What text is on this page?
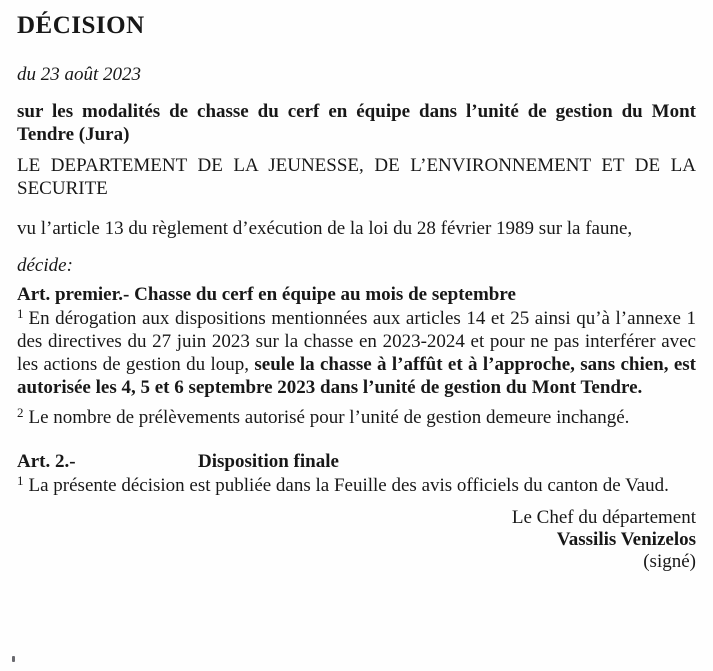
DÉCISION
du 23 août 2023
sur les modalités de chasse du cerf en équipe dans l’unité de gestion du Mont Tendre (Jura)
LE DEPARTEMENT DE LA JEUNESSE, DE L’ENVIRONNEMENT ET DE LA SECURITE
vu l’article 13 du règlement d’exécution de la loi du 28 février 1989 sur la faune,
décide:
Art. premier.- Chasse du cerf en équipe au mois de septembre
$^1$ En dérogation aux dispositions mentionnées aux articles 14 et 25 ainsi qu’à l’annexe 1 des directives du 27 juin 2023 sur la chasse en 2023-2024 et pour ne pas interférer avec les actions de gestion du loup, seule la chasse à l’affût et à l’approche, sans chien, est autorisée les 4, 5 et 6 septembre 2023 dans l’unité de gestion du Mont Tendre.
$^2$ Le nombre de prélèvements autorisé pour l’unité de gestion demeure inchangé.
Art. 2.-	Disposition finale
$^1$ La présente décision est publiée dans la Feuille des avis officiels du canton de Vaud.
Le Chef du département
Vassilis Venizelos
(signé)
